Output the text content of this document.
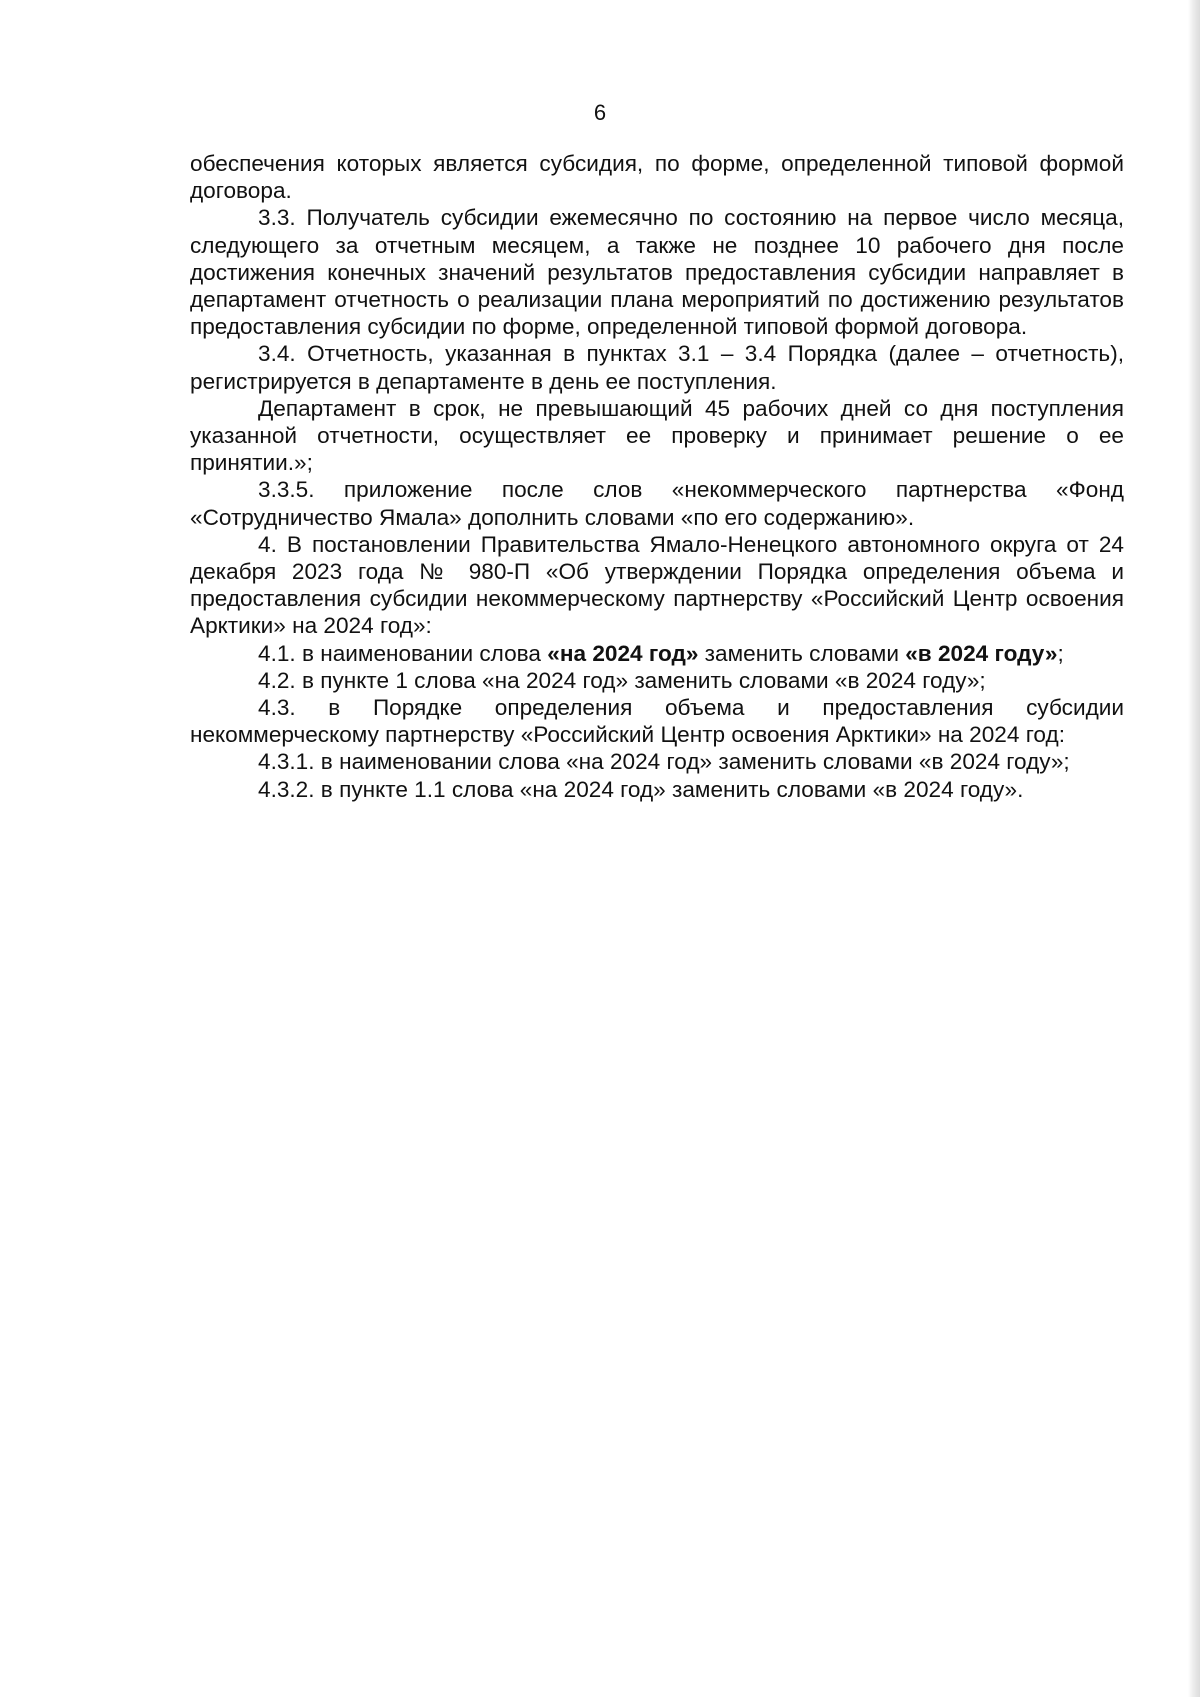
6

обеспечения которых является субсидия, по форме, определенной типовой формой договора.

3.3. Получатель субсидии ежемесячно по состоянию на первое число месяца, следующего за отчетным месяцем, а также не позднее 10 рабочего дня после достижения конечных значений результатов предоставления субсидии направляет в департамент отчетность о реализации плана мероприятий по достижению результатов предоставления субсидии по форме, определенной типовой формой договора.

3.4. Отчетность, указанная в пунктах 3.1 – 3.4 Порядка (далее – отчетность), регистрируется в департаменте в день ее поступления.

Департамент в срок, не превышающий 45 рабочих дней со дня поступления указанной отчетности, осуществляет ее проверку и принимает решение о ее принятии.»;

3.3.5. приложение после слов «некоммерческого партнерства «Фонд «Сотрудничество Ямала» дополнить словами «по его содержанию».

4. В постановлении Правительства Ямало-Ненецкого автономного округа от 24 декабря 2023 года № 980-П «Об утверждении Порядка определения объема и предоставления субсидии некоммерческому партнерству «Российский Центр освоения Арктики» на 2024 год»:

4.1. в наименовании слова «на 2024 год» заменить словами «в 2024 году»;

4.2. в пункте 1 слова «на 2024 год» заменить словами «в 2024 году»;

4.3. в Порядке определения объема и предоставления субсидии некоммерческому партнерству «Российский Центр освоения Арктики» на 2024 год:

4.3.1. в наименовании слова «на 2024 год» заменить словами «в 2024 году»;

4.3.2. в пункте 1.1 слова «на 2024 год» заменить словами «в 2024 году».
